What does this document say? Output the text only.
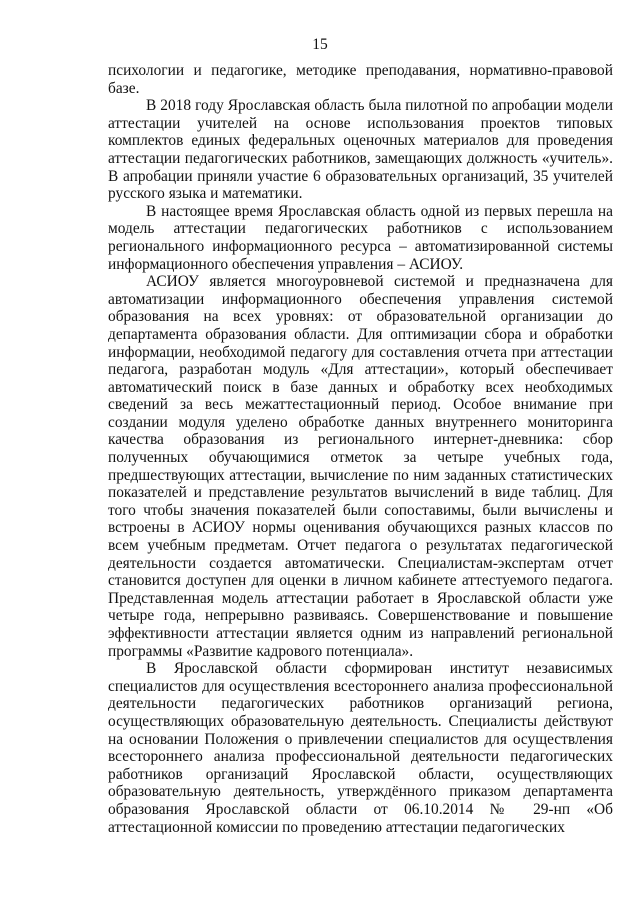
15

психологии и педагогике, методике преподавания, нормативно-правовой базе.

В 2018 году Ярославская область была пилотной по апробации модели аттестации учителей на основе использования проектов типовых комплектов единых федеральных оценочных материалов для проведения аттестации педагогических работников, замещающих должность «учитель». В апробации приняли участие 6 образовательных организаций, 35 учителей русского языка и математики.

В настоящее время Ярославская область одной из первых перешла на модель аттестации педагогических работников с использованием регионального информационного ресурса – автоматизированной системы информационного обеспечения управления – АСИОУ.

АСИОУ является многоуровневой системой и предназначена для автоматизации информационного обеспечения управления системой образования на всех уровнях: от образовательной организации до департамента образования области. Для оптимизации сбора и обработки информации, необходимой педагогу для составления отчета при аттестации педагога, разработан модуль «Для аттестации», который обеспечивает автоматический поиск в базе данных и обработку всех необходимых сведений за весь межаттестационный период. Особое внимание при создании модуля уделено обработке данных внутреннего мониторинга качества образования из регионального интернет-дневника: сбор полученных обучающимися отметок за четыре учебных года, предшествующих аттестации, вычисление по ним заданных статистических показателей и представление результатов вычислений в виде таблиц. Для того чтобы значения показателей были сопоставимы, были вычислены и встроены в АСИОУ нормы оценивания обучающихся разных классов по всем учебным предметам. Отчет педагога о результатах педагогической деятельности создается автоматически. Специалистам-экспертам отчет становится доступен для оценки в личном кабинете аттестуемого педагога. Представленная модель аттестации работает в Ярославской области уже четыре года, непрерывно развиваясь. Совершенствование и повышение эффективности аттестации является одним из направлений региональной программы «Развитие кадрового потенциала».

В Ярославской области сформирован институт независимых специалистов для осуществления всестороннего анализа профессиональной деятельности педагогических работников организаций региона, осуществляющих образовательную деятельность. Специалисты действуют на основании Положения о привлечении специалистов для осуществления всестороннего анализа профессиональной деятельности педагогических работников организаций Ярославской области, осуществляющих образовательную деятельность, утверждённого приказом департамента образования Ярославской области от 06.10.2014 № 29-нп «Об аттестационной комиссии по проведению аттестации педагогических
